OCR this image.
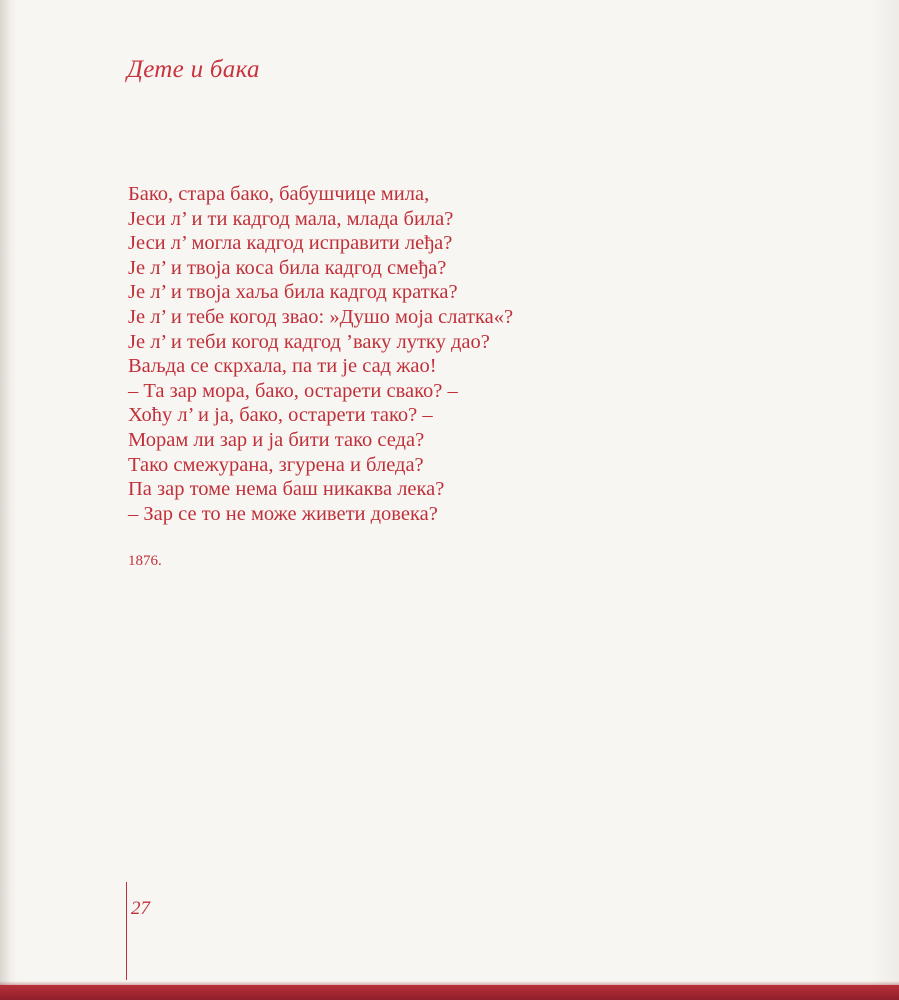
Дете и бака
Бако, стара бако, бабушчице мила,
Јеси л’ и ти кадгод мала, млада била?
Јеси л’ могла кадгод исправити леђа?
Је л’ и твоја коса била кадгод смеђа?
Је л’ и твоја хаља била кадгод кратка?
Је л’ и тебе когод звао: »Душо моја слатка«?
Је л’ и теби когод кадгод ’ваку лутку дао?
Ваљда се скрхала, па ти је сад жао!
– Та зар мора, бако, остарети свако? –
Хоћу л’ и ја, бако, остарети тако? –
Морам ли зар и ја бити тако седа?
Тако смежурана, згурена и бледа?
Па зар томе нема баш никаква лека?
– Зар се то не може живети довека?
1876.
27
